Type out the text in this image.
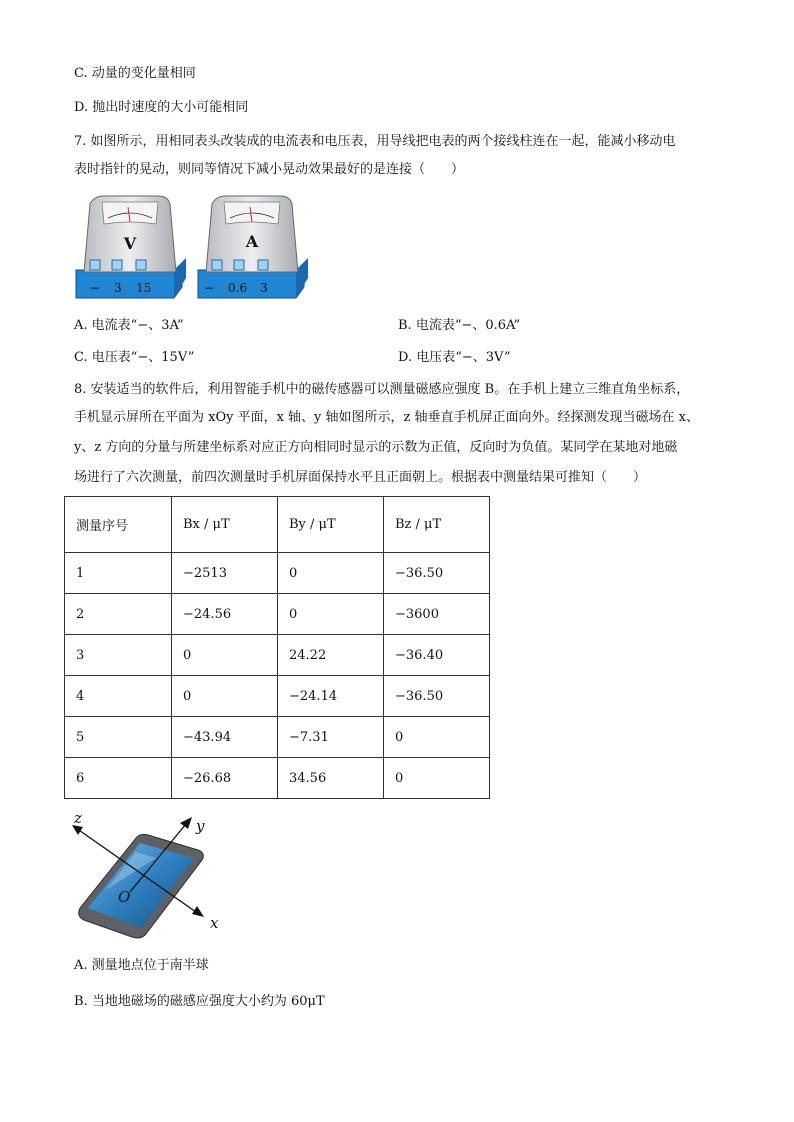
C. 动量的变化量相同
D. 抛出时速度的大小可能相同
7. 如图所示，用相同表头改装成的电流表和电压表，用导线把电表的两个接线柱连在一起，能减小移动电
表时指针的晃动，则同等情况下减小晃动效果最好的是连接（　　）
V
− 3 15
A
− 0.6 3
A. 电流表“−、3A”	B. 电流表“−、0.6A”
C. 电压表“−、15V”	D. 电压表“−、3V”
8. 安装适当的软件后，利用智能手机中的磁传感器可以测量磁感应强度 B。在手机上建立三维直角坐标系，
手机显示屏所在平面为 xOy 平面，x 轴、y 轴如图所示，z 轴垂直手机屏正面向外。经探测发现当磁场在 x、
y、z 方向的分量与所建坐标系对应正方向相同时显示的示数为正值，反向时为负值。某同学在某地对地磁
场进行了六次测量，前四次测量时手机屏面保持水平且正面朝上。根据表中测量结果可推知（　　）
测量序号	Bx / μT	By / μT	Bz / μT
1	−2513	0	−36.50
2	−24.56	0	−3600
3	0	24.22	−36.40
4	0	−24.14	−36.50
5	−43.94	−7.31	0
6	−26.68	34.56	0
z	y
x
O
A. 测量地点位于南半球
B. 当地地磁场的磁感应强度大小约为 60μT
